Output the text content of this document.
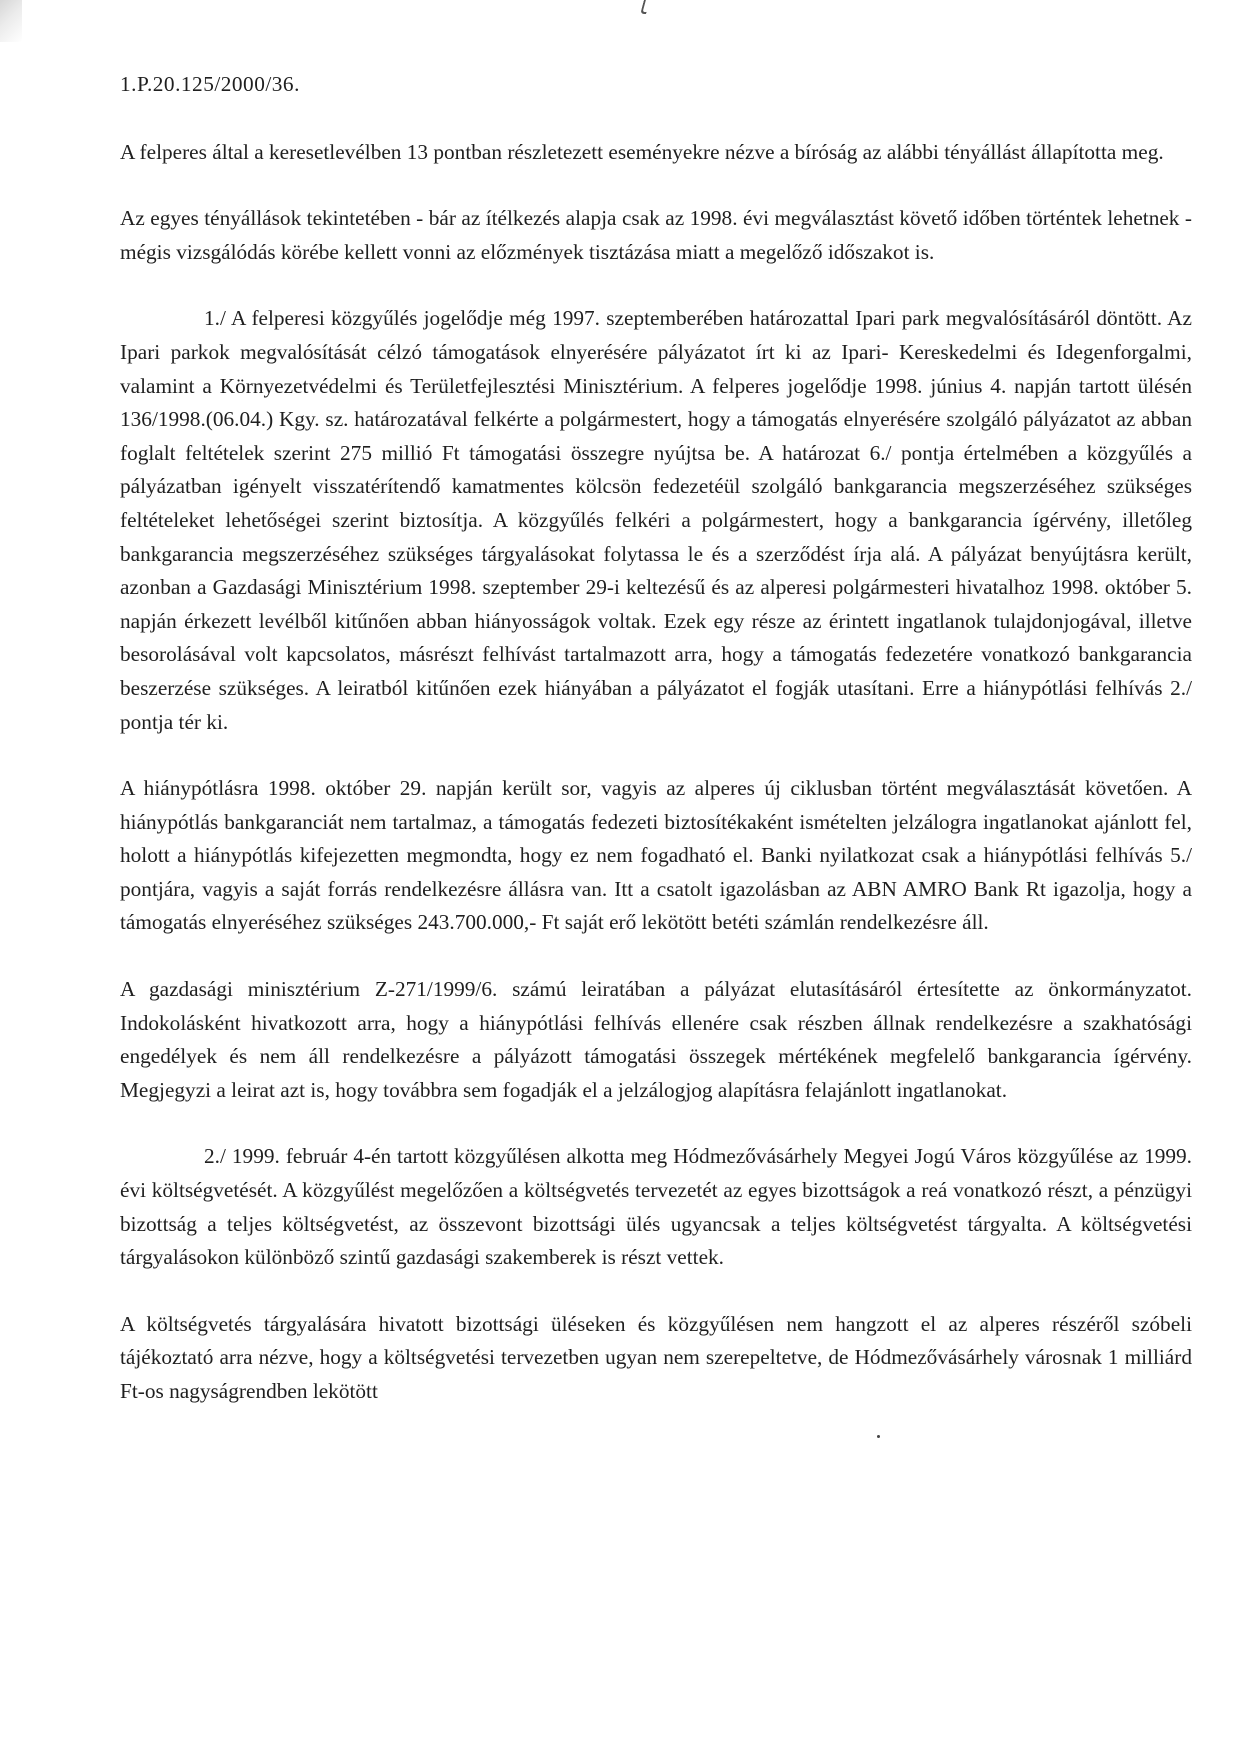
1.P.20.125/2000/36.

A felperes által a keresetlevélben 13 pontban részletezett eseményekre nézve a bíróság az alábbi tényállást állapította meg.

Az egyes tényállások tekintetében - bár az ítélkezés alapja csak az 1998. évi megválasztást követő időben történtek lehetnek - mégis vizsgálódás körébe kellett vonni az előzmények tisztázása miatt a megelőző időszakot is.

1./ A felperesi közgyűlés jogelődje még 1997. szeptemberében határozattal Ipari park megvalósításáról döntött. Az Ipari parkok megvalósítását célzó támogatások elnyerésére pályázatot írt ki az Ipari- Kereskedelmi és Idegenforgalmi, valamint a Környezetvédelmi és Területfejlesztési Minisztérium. A felperes jogelődje 1998. június 4. napján tartott ülésén 136/1998.(06.04.) Kgy. sz. határozatával felkérte a polgármestert, hogy a támogatás elnyerésére szolgáló pályázatot az abban foglalt feltételek szerint 275 millió Ft támogatási összegre nyújtsa be. A határozat 6./ pontja értelmében a közgyűlés a pályázatban igényelt visszatérítendő kamatmentes kölcsön fedezetéül szolgáló bankgarancia megszerzéséhez szükséges feltételeket lehetőségei szerint biztosítja. A közgyűlés felkéri a polgármestert, hogy a bankgarancia ígérvény, illetőleg bankgarancia megszerzéséhez szükséges tárgyalásokat folytassa le és a szerződést írja alá. A pályázat benyújtásra került, azonban a Gazdasági Minisztérium 1998. szeptember 29-i keltezésű és az alperesi polgármesteri hivatalhoz 1998. október 5. napján érkezett levélből kitűnően abban hiányosságok voltak. Ezek egy része az érintett ingatlanok tulajdonjogával, illetve besorolásával volt kapcsolatos, másrészt felhívást tartalmazott arra, hogy a támogatás fedezetére vonatkozó bankgarancia beszerzése szükséges. A leiratból kitűnően ezek hiányában a pályázatot el fogják utasítani. Erre a hiánypótlási felhívás 2./ pontja tér ki.

A hiánypótlásra 1998. október 29. napján került sor, vagyis az alperes új ciklusban történt megválasztását követően. A hiánypótlás bankgaranciát nem tartalmaz, a támogatás fedezeti biztosítékaként ismételten jelzálogra ingatlanokat ajánlott fel, holott a hiánypótlás kifejezetten megmondta, hogy ez nem fogadható el. Banki nyilatkozat csak a hiánypótlási felhívás 5./ pontjára, vagyis a saját forrás rendelkezésre állásra van. Itt a csatolt igazolásban az ABN AMRO Bank Rt igazolja, hogy a támogatás elnyeréséhez szükséges 243.700.000,- Ft saját erő lekötött betéti számlán rendelkezésre áll.

A gazdasági minisztérium Z-271/1999/6. számú leiratában a pályázat elutasításáról értesítette az önkormányzatot. Indokolásként hivatkozott arra, hogy a hiánypótlási felhívás ellenére csak részben állnak rendelkezésre a szakhatósági engedélyek és nem áll rendelkezésre a pályázott támogatási összegek mértékének megfelelő bankgarancia ígérvény. Megjegyzi a leirat azt is, hogy továbbra sem fogadják el a jelzálogjog alapításra felajánlott ingatlanokat.

2./ 1999. február 4-én tartott közgyűlésen alkotta meg Hódmezővásárhely Megyei Jogú Város közgyűlése az 1999. évi költségvetését. A közgyűlést megelőzően a költségvetés tervezetét az egyes bizottságok a reá vonatkozó részt, a pénzügyi bizottság a teljes költségvetést, az összevont bizottsági ülés ugyancsak a teljes költségvetést tárgyalta. A költségvetési tárgyalásokon különböző szintű gazdasági szakemberek is részt vettek.

A költségvetés tárgyalására hivatott bizottsági üléseken és közgyűlésen nem hangzott el az alperes részéről szóbeli tájékoztató arra nézve, hogy a költségvetési tervezetben ugyan nem szerepeltetve, de Hódmezővásárhely városnak 1 milliárd Ft-os nagyságrendben lekötött
